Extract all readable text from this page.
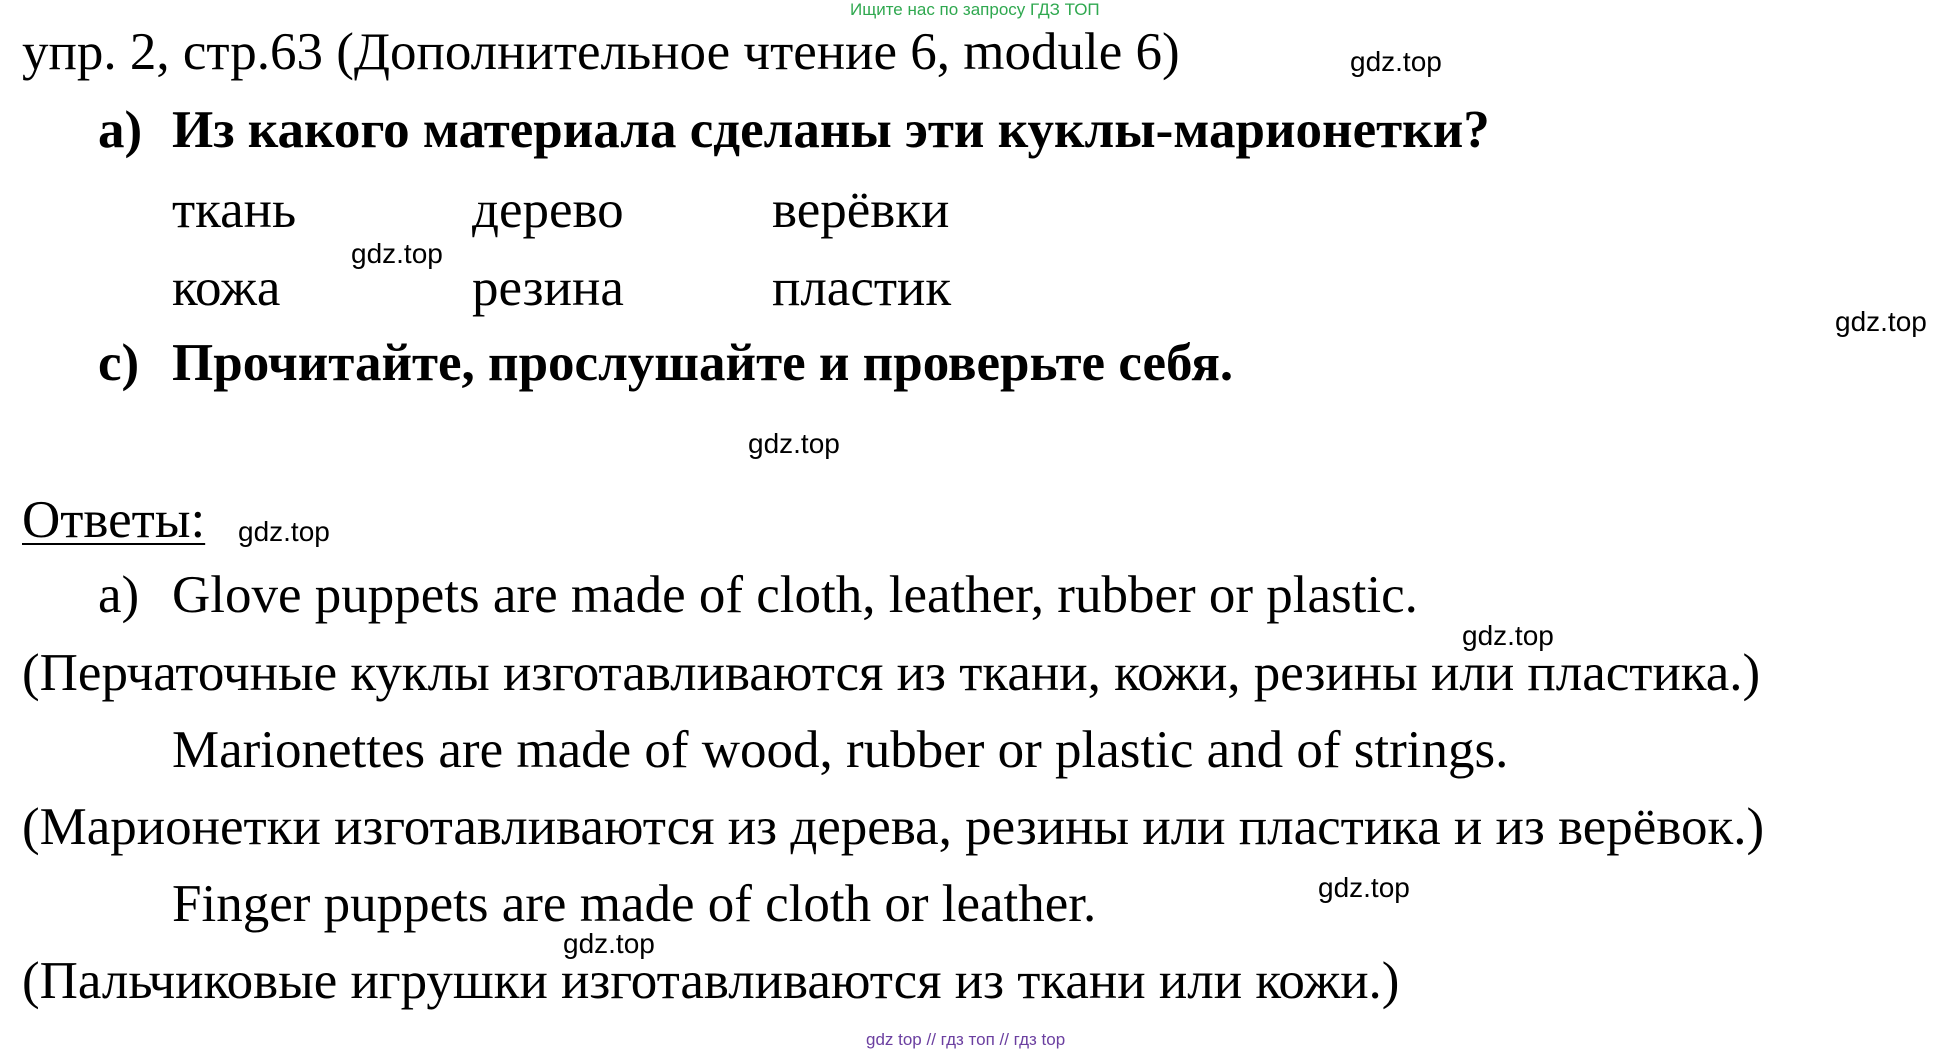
Ищите нас по запросу ГДЗ ТОП
упр. 2, стр.63 (Дополнительное чтение 6, module 6)
a) Из какого материала сделаны эти куклы-марионетки?
ткань	дерево	верёвки
кожа	резина	пластик
c) Прочитайте, прослушайте и проверьте себя.
Ответы:
a) Glove puppets are made of cloth, leather, rubber or plastic.
(Перчаточные куклы изготавливаются из ткани, кожи, резины или пластика.)
Marionettes are made of wood, rubber or plastic and of strings.
(Марионетки изготавливаются из дерева, резины или пластика и из верёвок.)
Finger puppets are made of cloth or leather.
(Пальчиковые игрушки изготавливаются из ткани или кожи.)
gdz.top
gdz.top
gdz.top
gdz.top
gdz.top
gdz.top
gdz.top
gdz.top
gdz top // гдз топ // гдз top
